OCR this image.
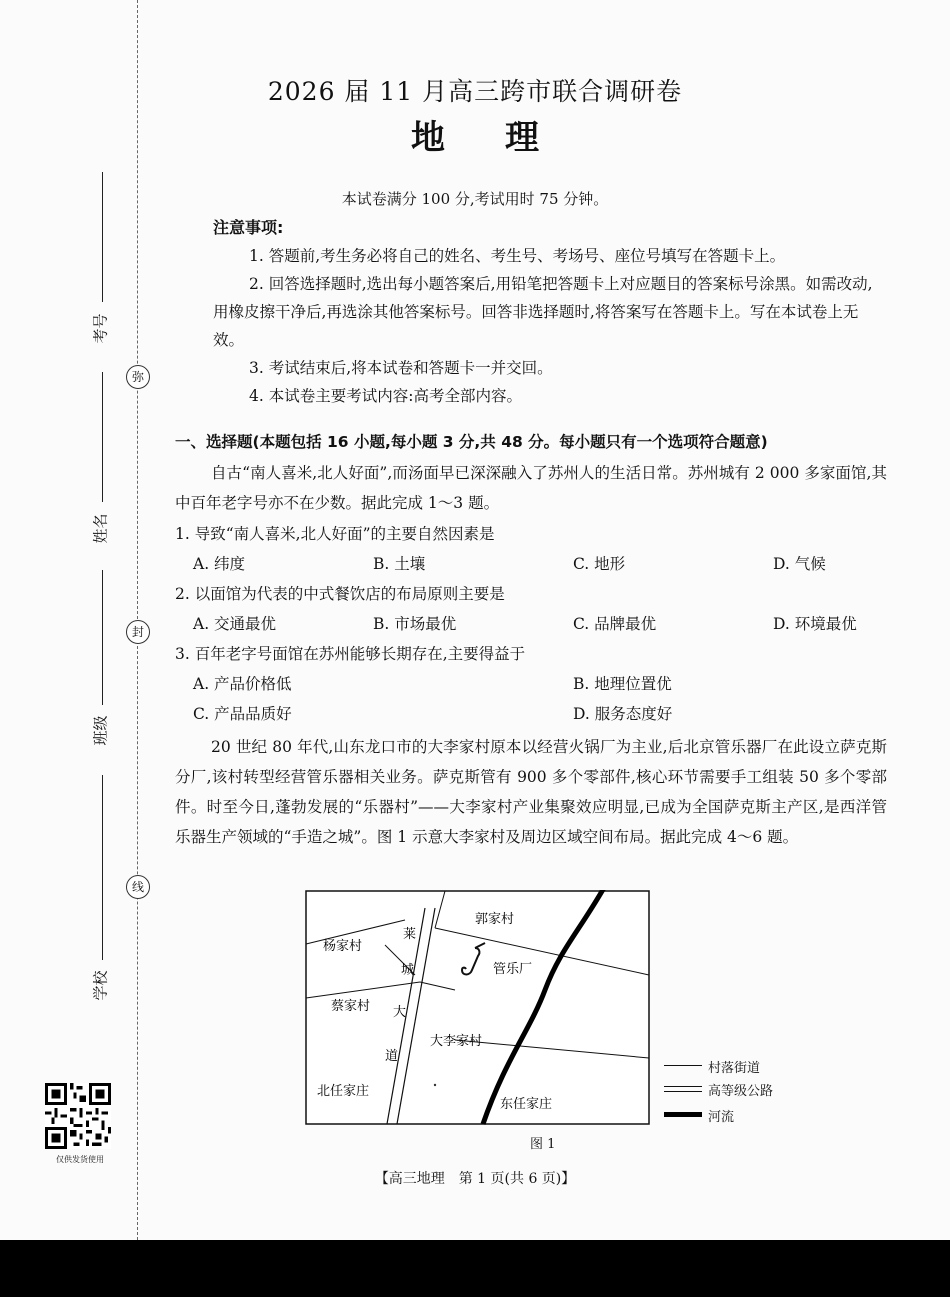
弥
封
线
考号
姓名
班级
学校
仅供发货使用
2026 届 11 月高三跨市联合调研卷
地理
本试卷满分 100 分,考试用时 75 分钟。
注意事项:
1. 答题前,考生务必将自己的姓名、考生号、考场号、座位号填写在答题卡上。
2. 回答选择题时,选出每小题答案后,用铅笔把答题卡上对应题目的答案标号涂黑。如需改动,用橡皮擦干净后,再选涂其他答案标号。回答非选择题时,将答案写在答题卡上。写在本试卷上无效。
3. 考试结束后,将本试卷和答题卡一并交回。
4. 本试卷主要考试内容:高考全部内容。
一、选择题(本题包括 16 小题,每小题 3 分,共 48 分。每小题只有一个选项符合题意)
自古“南人喜米,北人好面”,而汤面早已深深融入了苏州人的生活日常。苏州城有 2 000 多家面馆,其中百年老字号亦不在少数。据此完成 1～3 题。
1. 导致“南人喜米,北人好面”的主要自然因素是
A. 纬度	B. 土壤	C. 地形	D. 气候
2. 以面馆为代表的中式餐饮店的布局原则主要是
A. 交通最优	B. 市场最优	C. 品牌最优	D. 环境最优
3. 百年老字号面馆在苏州能够长期存在,主要得益于
A. 产品价格低	B. 地理位置优
C. 产品品质好	D. 服务态度好
20 世纪 80 年代,山东龙口市的大李家村原本以经营火锅厂为主业,后北京管乐器厂在此设立萨克斯分厂,该村转型经营管乐器相关业务。萨克斯管有 900 多个零部件,核心环节需要手工组装 50 多个零部件。时至今日,蓬勃发展的“乐器村”——大李家村产业集聚效应明显,已成为全国萨克斯主产区,是西洋管乐器生产领域的“手造之城”。图 1 示意大李家村及周边区域空间布局。据此完成 4～6 题。
杨家村
蔡家村
北任家庄
郭家村
管乐厂
大李家村
东任家庄
莱
城
大
道
村落街道
高等级公路
河流
图 1
【高三地理　第 1 页(共 6 页)】
